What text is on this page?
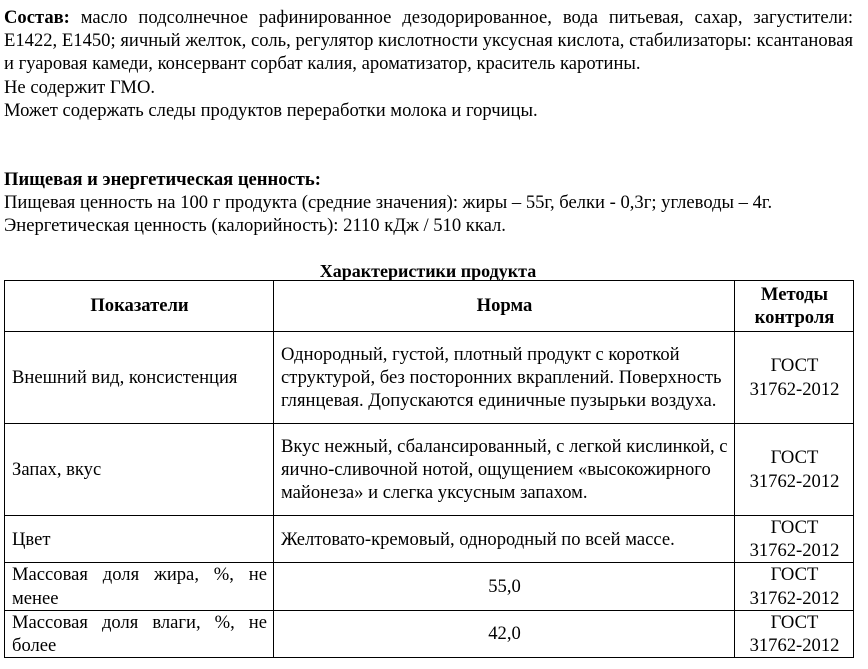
Состав: масло подсолнечное рафинированное дезодорированное, вода питьевая, сахар, загустители: Е1422, Е1450; яичный желток, соль, регулятор кислотности уксусная кислота, стабилизаторы: ксантановая и гуаровая камеди, консервант сорбат калия, ароматизатор, краситель каротины.
Не содержит ГМО.
Может содержать следы продуктов переработки молока и горчицы.

Пищевая и энергетическая ценность:
Пищевая ценность на 100 г продукта (средние значения): жиры – 55г, белки - 0,3г; углеводы – 4г.
Энергетическая ценность (калорийность): 2110 кДж / 510 ккал.
Характеристики продукта
Показатели	Норма	Методы контроля
Внешний вид, консистенция	Однородный, густой, плотный продукт с короткой структурой, без посторонних вкраплений. Поверхность глянцевая. Допускаются единичные пузырьки воздуха.	ГОСТ 31762-2012
Запах, вкус	Вкус нежный, сбалансированный, с легкой кислинкой, с яично-сливочной нотой, ощущением «высокожирного майонеза» и слегка уксусным запахом.	ГОСТ 31762-2012
Цвет	Желтовато-кремовый, однородный по всей массе.	ГОСТ 31762-2012
Массовая доля жира, %, не менее	55,0	ГОСТ 31762-2012
Массовая доля влаги, %, не более	42,0	ГОСТ 31762-2012
